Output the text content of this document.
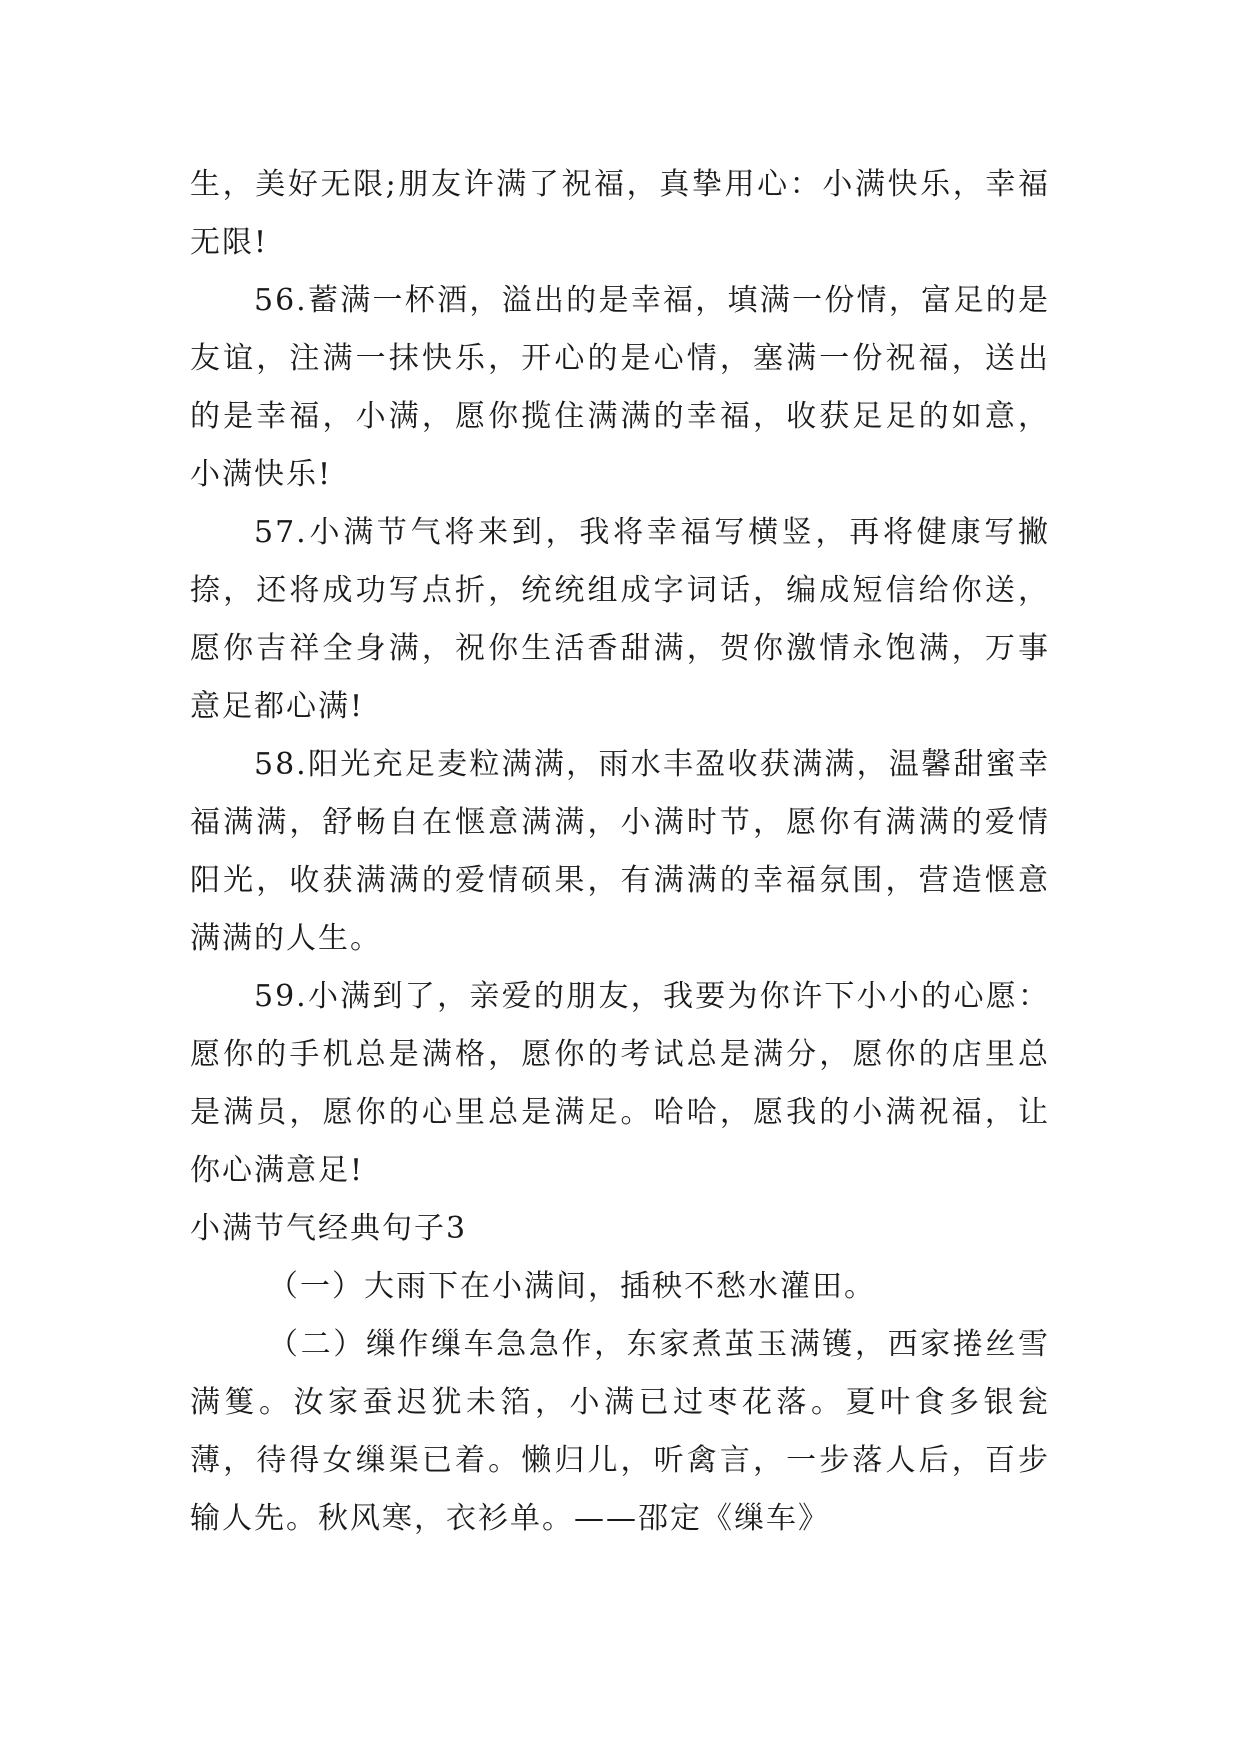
生，美好无限;朋友许满了祝福，真挚用心：小满快乐，幸福无限!

56.蓄满一杯酒，溢出的是幸福，填满一份情，富足的是友谊，注满一抹快乐，开心的是心情，塞满一份祝福，送出的是幸福，小满，愿你揽住满满的幸福，收获足足的如意，小满快乐!

57.小满节气将来到，我将幸福写横竖，再将健康写撇捺，还将成功写点折，统统组成字词话，编成短信给你送，愿你吉祥全身满，祝你生活香甜满，贺你激情永饱满，万事意足都心满!

58.阳光充足麦粒满满，雨水丰盈收获满满，温馨甜蜜幸福满满，舒畅自在惬意满满，小满时节，愿你有满满的爱情阳光，收获满满的爱情硕果，有满满的幸福氛围，营造惬意满满的人生。

59.小满到了，亲爱的朋友，我要为你许下小小的心愿：愿你的手机总是满格，愿你的考试总是满分，愿你的店里总是满员，愿你的心里总是满足。哈哈，愿我的小满祝福，让你心满意足!

小满节气经典句子3

（一）大雨下在小满间，插秧不愁水灌田。

（二）缫作缫车急急作，东家煮茧玉满镬，西家捲丝雪满篗。汝家蚕迟犹未箔，小满已过枣花落。夏叶食多银瓮薄，待得女缫渠已着。懒归儿，听禽言，一步落人后，百步输人先。秋风寒，衣衫单。——邵定《缫车》
